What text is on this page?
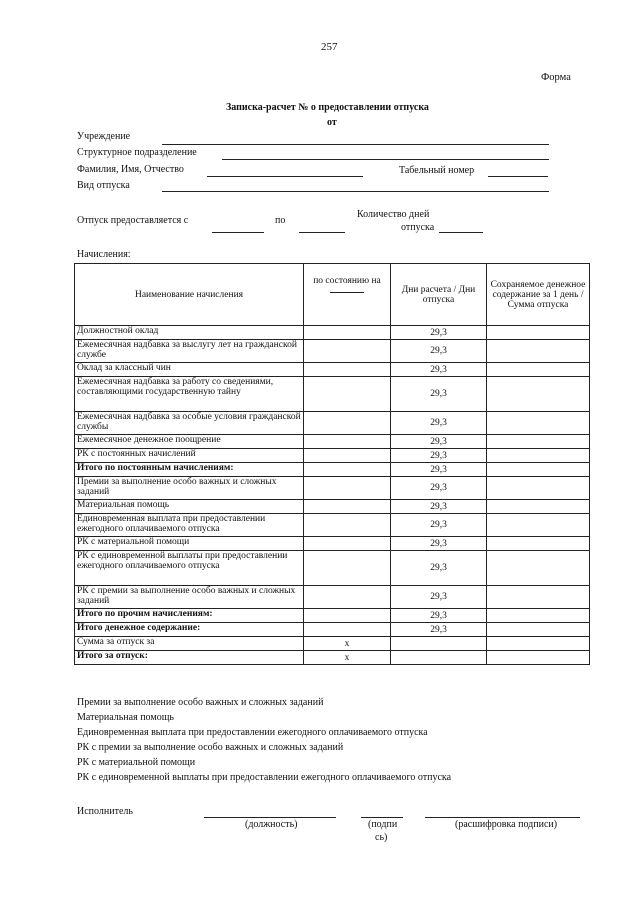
257
Форма
Записка-расчет № о предоставлении отпуска
от
Учреждение
Структурное подразделение
Фамилия, Имя, Отчество	Табельный номер
Вид отпуска
Отпуск предоставляется с	по
Количество дней
отпуска
Начисления:
Наименование начисления	по состоянию на	Дни расчета / Дни отпуска	Сохраняемое денежное содержание за 1 день / Сумма отпуска
Должностной оклад		29,3	
Ежемесячная надбавка за выслугу лет на гражданской службе		29,3	
Оклад за классный чин		29,3	
Ежемесячная надбавка за работу со сведениями, составляющими государственную тайну		29,3	
Ежемесячная надбавка за особые условия гражданской службы		29,3	
Ежемесячное денежное поощрение		29,3	
РК с постоянных начислений		29,3	
Итого по постоянным начислениям:		29,3	
Премии за выполнение особо важных и сложных заданий		29,3	
Материальная помощь		29,3	
Единовременная выплата при предоставлении ежегодного оплачиваемого отпуска		29,3	
РК с материальной помощи		29,3	
РК с единовременной выплаты при предоставлении ежегодного оплачиваемого отпуска		29,3	
РК с премии за выполнение особо важных и сложных заданий		29,3	
Итого по прочим начислениям:		29,3	
Итого денежное содержание:		29,3	
Сумма за отпуск за	х		
Итого за отпуск:	х		
Премии за выполнение особо важных и сложных заданий
Материальная помощь
Единовременная выплата при предоставлении ежегодного оплачиваемого отпуска
РК с премии за выполнение особо важных и сложных заданий
РК с материальной помощи
РК с единовременной выплаты при предоставлении ежегодного оплачиваемого отпуска
Исполнитель
(должность)	(подпи
сь)
(расшифровка подписи)
